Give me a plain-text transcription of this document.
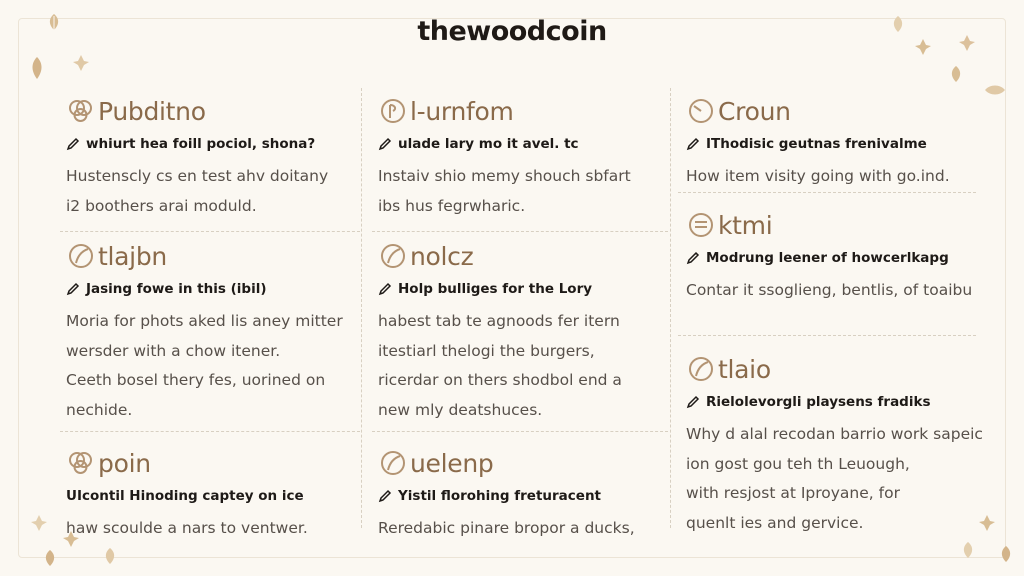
thewoodcoin
Pubditno
whiurt hea foill pociol, shona?
Hustenscly cs en test ahv doitany
i2 boothers arai moduld.
l-urnfom
ulade lary mo it avel. tc
Instaiv shio memy shouch sbfart
ibs hus fegrwharic.
Croun
IThodisic geutnas frenivalme
How item visity going with go.ind.
tlajbn
Jasing fowe in this (ibil)
Moria for phots aked lis aney mitter
wersder with a chow itener.
Ceeth bosel thery fes, uorined on
nechide.
nolcz
Holp bulliges for the Lory
habest tab te agnoods fer itern
itestiarl thelogi the burgers,
ricerdar on thers shodbol end a
new mly deatshuces.
ktmi
Modrung leener of howcerlkapg
Contar it ssoglieng, bentlis, of toaibu
tlaio
Rielolevorgli playsens fradiks
Why d alal recodan barrio work sapeic
ion gost gou teh th Leuough,
with resjost at Iproyane, for
quenlt ies and gervice.
poin
UIcontil Hinoding captey on ice
haw scoulde a nars to ventwer.
uelenp
Yistil florohing freturacent
Reredabic pinare bropor a ducks,
